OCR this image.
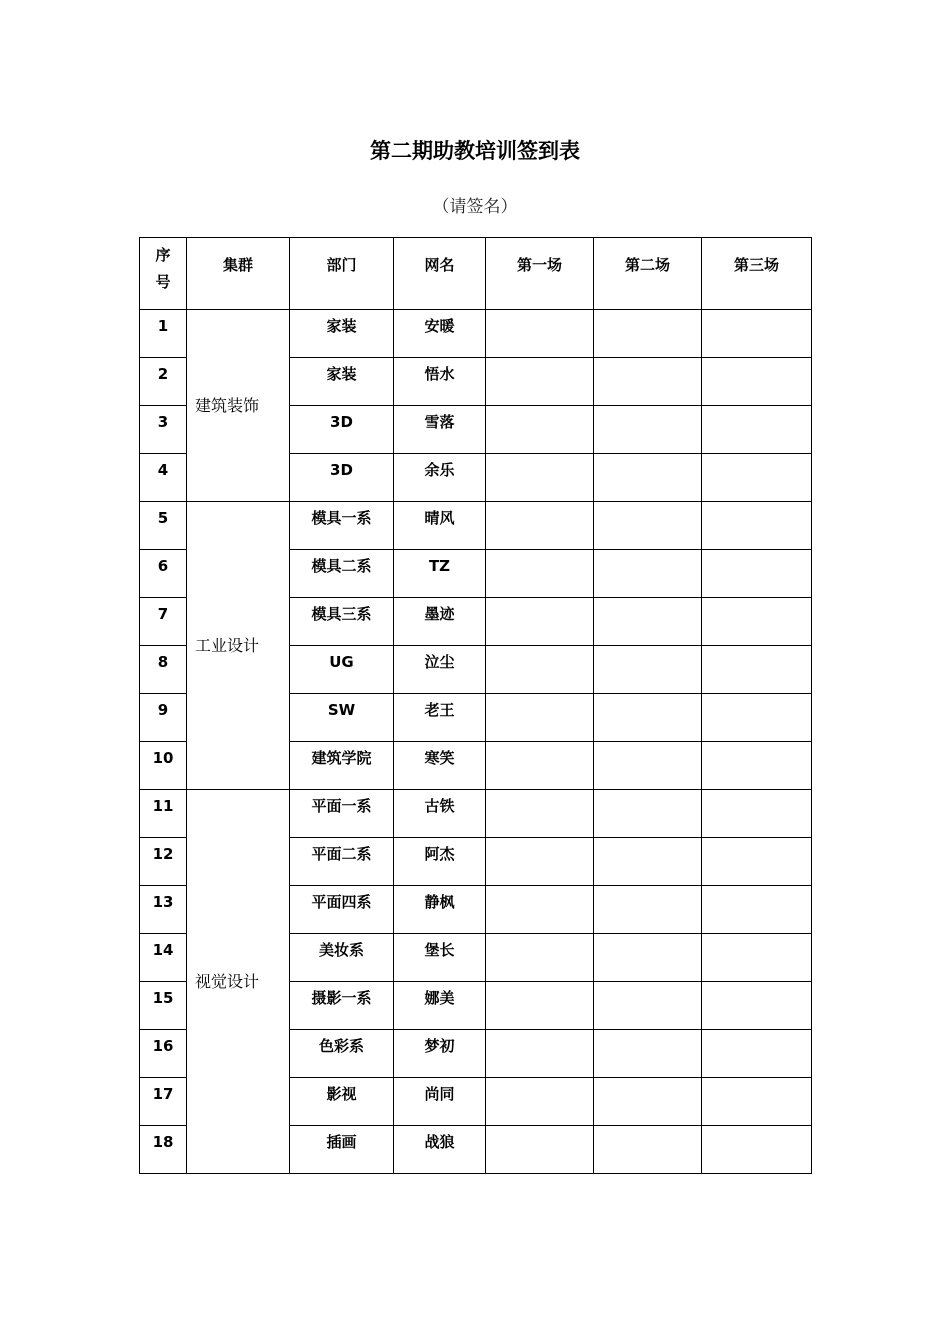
第二期助教培训签到表
（请签名）
序号	集群	部门	网名	第一场	第二场	第三场
1	建筑装饰	家装	安暖			
2		家装	悟水			
3		3D	雪落			
4		3D	余乐			
5	工业设计	模具一系	晴风			
6		模具二系	TZ			
7		模具三系	墨迹			
8		UG	泣尘			
9		SW	老王			
10		建筑学院	寒笑			
11	视觉设计	平面一系	古铁			
12		平面二系	阿杰			
13		平面四系	静枫			
14		美妆系	堡长			
15		摄影一系	娜美			
16		色彩系	梦初			
17		影视	尚同			
18		插画	战狼			
